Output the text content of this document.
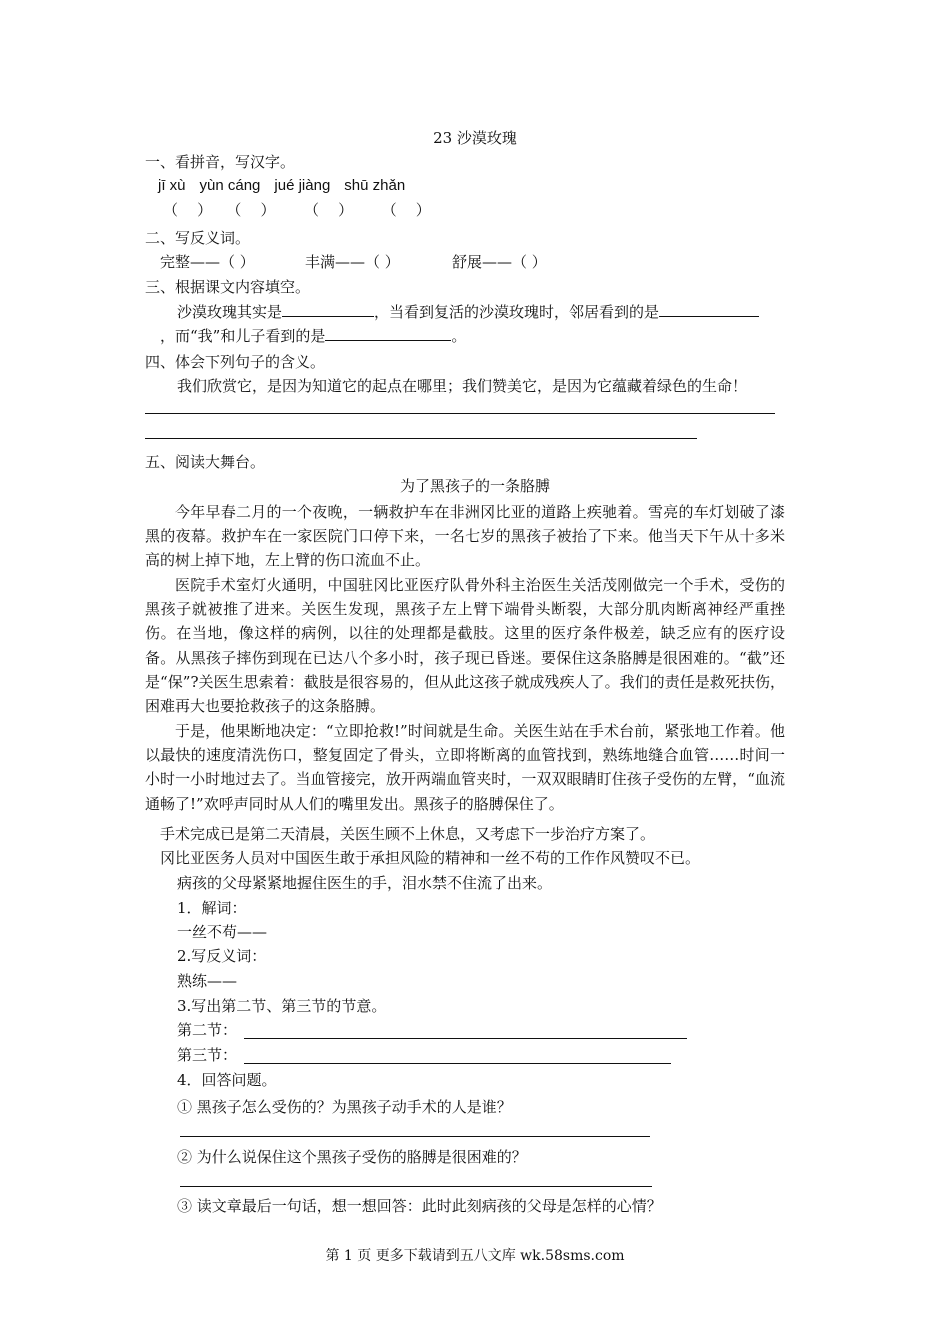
23 沙漠玫瑰
一、看拼音，写汉字。
jī xù yùn cáng jué jiàng shū zhǎn
（    ）   （    ）      （    ）      （    ）
二、写反义词。
完整——（ ）	丰满——（ ）	舒展——（ ）
三、根据课文内容填空。
沙漠玫瑰其实是	，当看到复活的沙漠玫瑰时，邻居看到的是
，而“我”和儿子看到的是	。
四、体会下列句子的含义。
我们欣赏它，是因为知道它的起点在哪里；我们赞美它，是因为它蕴藏着绿色的生命！
五、阅读大舞台。
为了黑孩子的一条胳膊
今年早春二月的一个夜晚，一辆救护车在非洲冈比亚的道路上疾驰着。雪亮的车灯划破了漆黑的夜幕。救护车在一家医院门口停下来，一名七岁的黑孩子被抬了下来。他当天下午从十多米高的树上掉下地，左上臂的伤口流血不止。
医院手术室灯火通明，中国驻冈比亚医疗队骨外科主治医生关活茂刚做完一个手术，受伤的黑孩子就被推了进来。关医生发现，黑孩子左上臂下端骨头断裂，大部分肌肉断离神经严重挫伤。在当地，像这样的病例，以往的处理都是截肢。这里的医疗条件极差，缺乏应有的医疗设备。从黑孩子摔伤到现在已达八个多小时，孩子现已昏迷。要保住这条胳膊是很困难的。“截”还是“保”?关医生思索着：截肢是很容易的，但从此这孩子就成残疾人了。我们的责任是救死扶伤，困难再大也要抢救孩子的这条胳膊。
于是，他果断地决定：“立即抢救!”时间就是生命。关医生站在手术台前，紧张地工作着。他以最快的速度清洗伤口，整复固定了骨头，立即将断离的血管找到，熟练地缝合血管……时间一小时一小时地过去了。当血管接完，放开两端血管夹时，一双双眼睛盯住孩子受伤的左臂，“血流通畅了!”欢呼声同时从人们的嘴里发出。黑孩子的胳膊保住了。
手术完成已是第二天清晨，关医生顾不上休息，又考虑下一步治疗方案了。
冈比亚医务人员对中国医生敢于承担风险的精神和一丝不苟的工作作风赞叹不已。
病孩的父母紧紧地握住医生的手，泪水禁不住流了出来。
1．解词：
一丝不苟——
2.写反义词：
熟练——
3.写出第二节、第三节的节意。
第二节：
第三节：
4．回答问题。
① 黑孩子怎么受伤的？为黑孩子动手术的人是谁？
② 为什么说保住这个黑孩子受伤的胳膊是很困难的？
③ 读文章最后一句话，想一想回答：此时此刻病孩的父母是怎样的心情？
第 1 页 更多下载请到五八文库 wk.58sms.com
